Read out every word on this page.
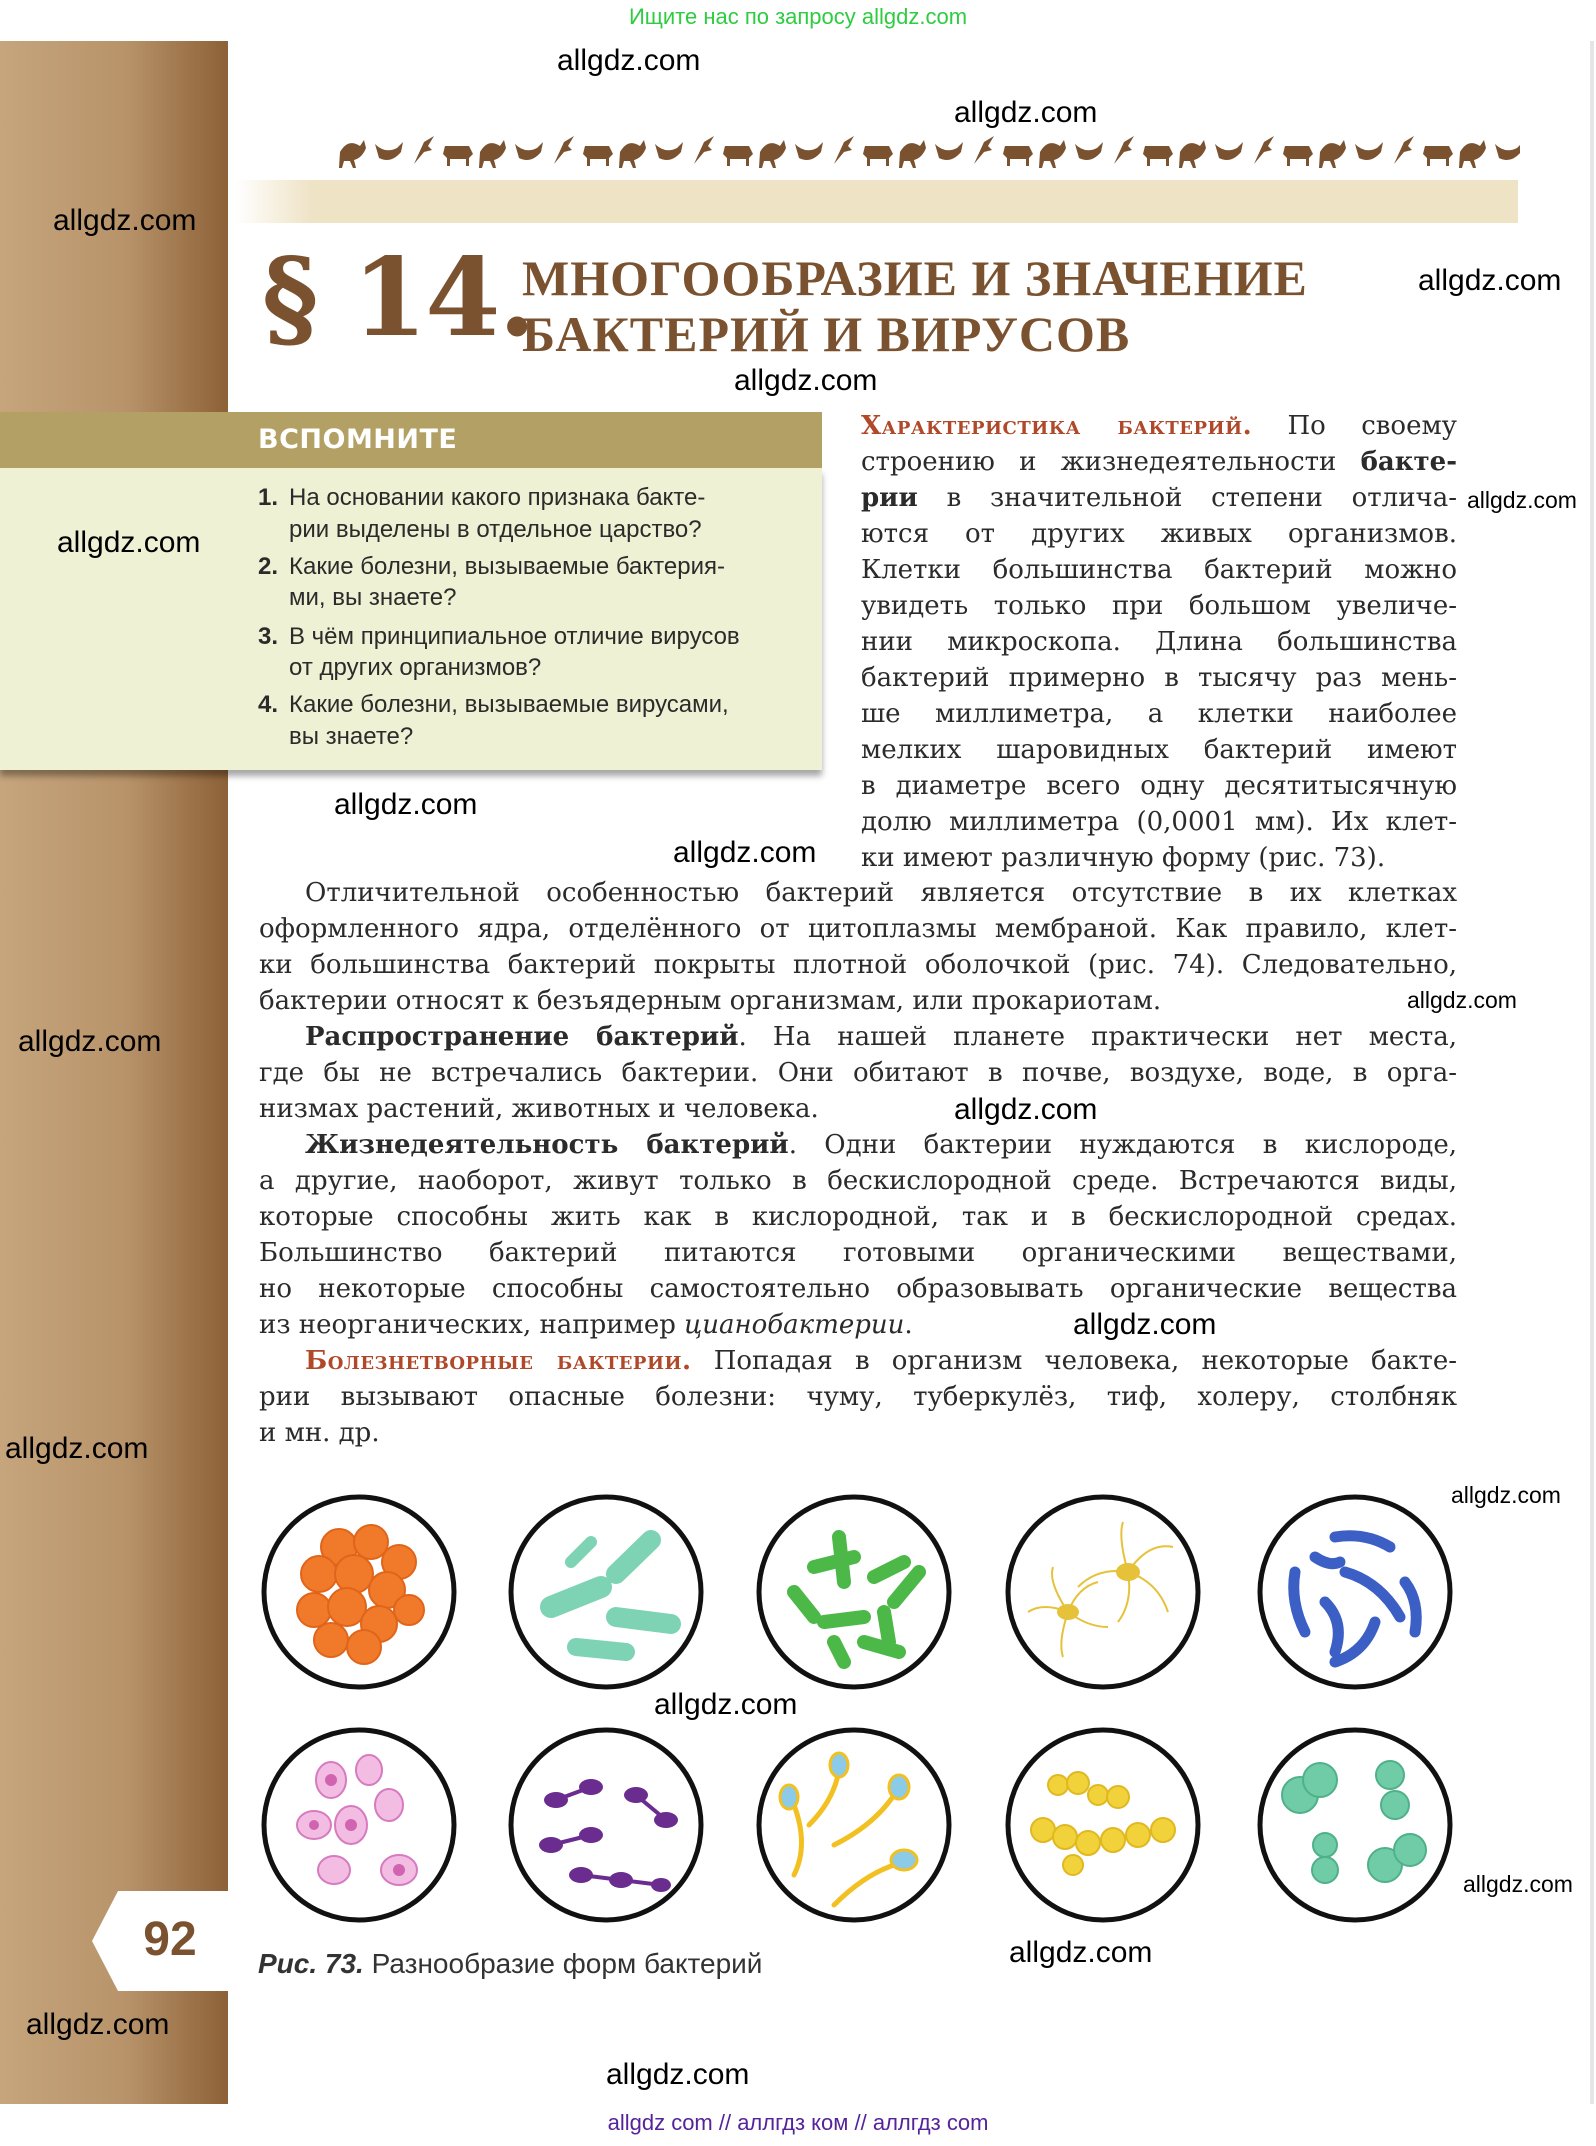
Ищите нас по запросу allgdz.com
§ 14.
МНОГООБРАЗИЕ И ЗНАЧЕНИЕ
БАКТЕРИЙ И ВИРУСОВ
1. На основании какого признака бакте-
рии выделены в отдельное царство?
2. Какие болезни, вызываемые бактерия-
ми, вы знаете?
3. В чём принципиальное отличие вирусов
от других организмов?
4. Какие болезни, вызываемые вирусами,
вы знаете?
ВСПОМНИТЕ	Характеристика бактерий. По своему
строению и жизнедеятельности бакте-
рии в значительной степени отлича-
ются от других живых организмов.
Клетки большинства бактерий можно
увидеть только при большом увеличе-
нии микроскопа. Длина большинства
бактерий примерно в тысячу раз мень-
ше миллиметра, а клетки наиболее
мелких шаровидных бактерий имеют
в диаметре всего одну десятитысячную
долю миллиметра (0,0001 мм). Их клет-
ки имеют различную форму (рис. 73).
Отличительной особенностью бактерий является отсутствие в их клетках
оформленного ядра, отделённого от цитоплазмы мембраной. Как правило, клет-
ки большинства бактерий покрыты плотной оболочкой (рис. 74). Следовательно,
бактерии относят к безъядерным организмам, или прокариотам.
Распространение бактерий. На нашей планете практически нет места,
где бы не встречались бактерии. Они обитают в почве, воздухе, воде, в орга-
низмах растений, животных и человека.
Жизнедеятельность бактерий. Одни бактерии нуждаются в кислороде,
а другие, наоборот, живут только в бескислородной среде. Встречаются виды,
которые способны жить как в кислородной, так и в бескислородной средах.
Большинство бактерий питаются готовыми органическими веществами,
но некоторые способны самостоятельно образовывать органические вещества
из неорганических, например цианобактерии.
Болезнетворные бактерии. Попадая в организм человека, некоторые бакте-
рии вызывают опасные болезни: чуму, туберкулёз, тиф, холеру, столбняк
и мн. др.
92	Рис. 73. Разнообразие форм бактерий
allgdz.com
allgdz.com
allgdz.com
allgdz.com
allgdz.com
allgdz.com
allgdz.com
allgdz.com
allgdz.com
allgdz.com
allgdz.com
allgdz.com
allgdz.com
allgdz.com
allgdz.com
allgdz.com
allgdz.com
allgdz.com
allgdz.com
allgdz.com
allgdz com // аллгдз ком // аллгдз com
